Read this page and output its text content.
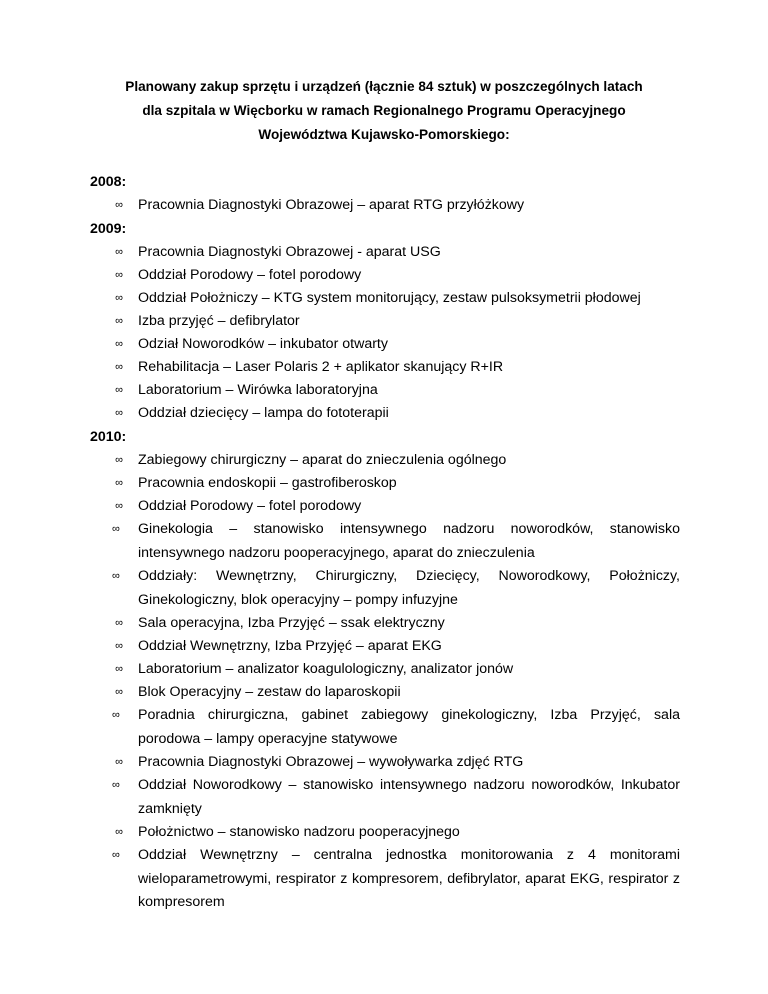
Planowany zakup sprzętu i urządzeń (łącznie 84 sztuk) w poszczególnych latach
dla szpitala w Więcborku w ramach Regionalnego Programu Operacyjnego
Województwa Kujawsko-Pomorskiego:
2008:
∞ Pracownia Diagnostyki Obrazowej – aparat RTG przyłóżkowy
2009:
∞ Pracownia Diagnostyki Obrazowej - aparat USG
∞ Oddział Porodowy – fotel porodowy
∞ Oddział Położniczy – KTG system monitorujący, zestaw pulsoksymetrii płodowej
∞ Izba przyjęć – defibrylator
∞ Odział Noworodków – inkubator otwarty
∞ Rehabilitacja – Laser Polaris 2 + aplikator skanujący R+IR
∞ Laboratorium – Wirówka laboratoryjna
∞ Oddział dziecięcy – lampa do fototerapii
2010:
∞ Zabiegowy chirurgiczny – aparat do znieczulenia ogólnego
∞ Pracownia endoskopii – gastrofiberoskop
∞ Oddział Porodowy – fotel porodowy
∞	Ginekologia – stanowisko intensywnego nadzoru noworodków, stanowisko
intensywnego nadzoru pooperacyjnego, aparat do znieczulenia
∞	Oddziały: Wewnętrzny, Chirurgiczny, Dziecięcy, Noworodkowy, Położniczy,
Ginekologiczny, blok operacyjny – pompy infuzyjne
∞ Sala operacyjna, Izba Przyjęć – ssak elektryczny
∞ Oddział Wewnętrzny, Izba Przyjęć – aparat EKG
∞ Laboratorium – analizator koagulologiczny, analizator jonów
∞ Blok Operacyjny – zestaw do laparoskopii
∞	Poradnia chirurgiczna, gabinet zabiegowy ginekologiczny, Izba Przyjęć, sala
porodowa – lampy operacyjne statywowe
∞ Pracownia Diagnostyki Obrazowej – wywoływarka zdjęć RTG
∞	Oddział Noworodkowy – stanowisko intensywnego nadzoru noworodków, Inkubator
zamknięty
∞ Położnictwo – stanowisko nadzoru pooperacyjnego
∞	Oddział Wewnętrzny – centralna jednostka monitorowania z 4 monitorami
wieloparametrowymi, respirator z kompresorem, defibrylator, aparat EKG, respirator z
kompresorem
